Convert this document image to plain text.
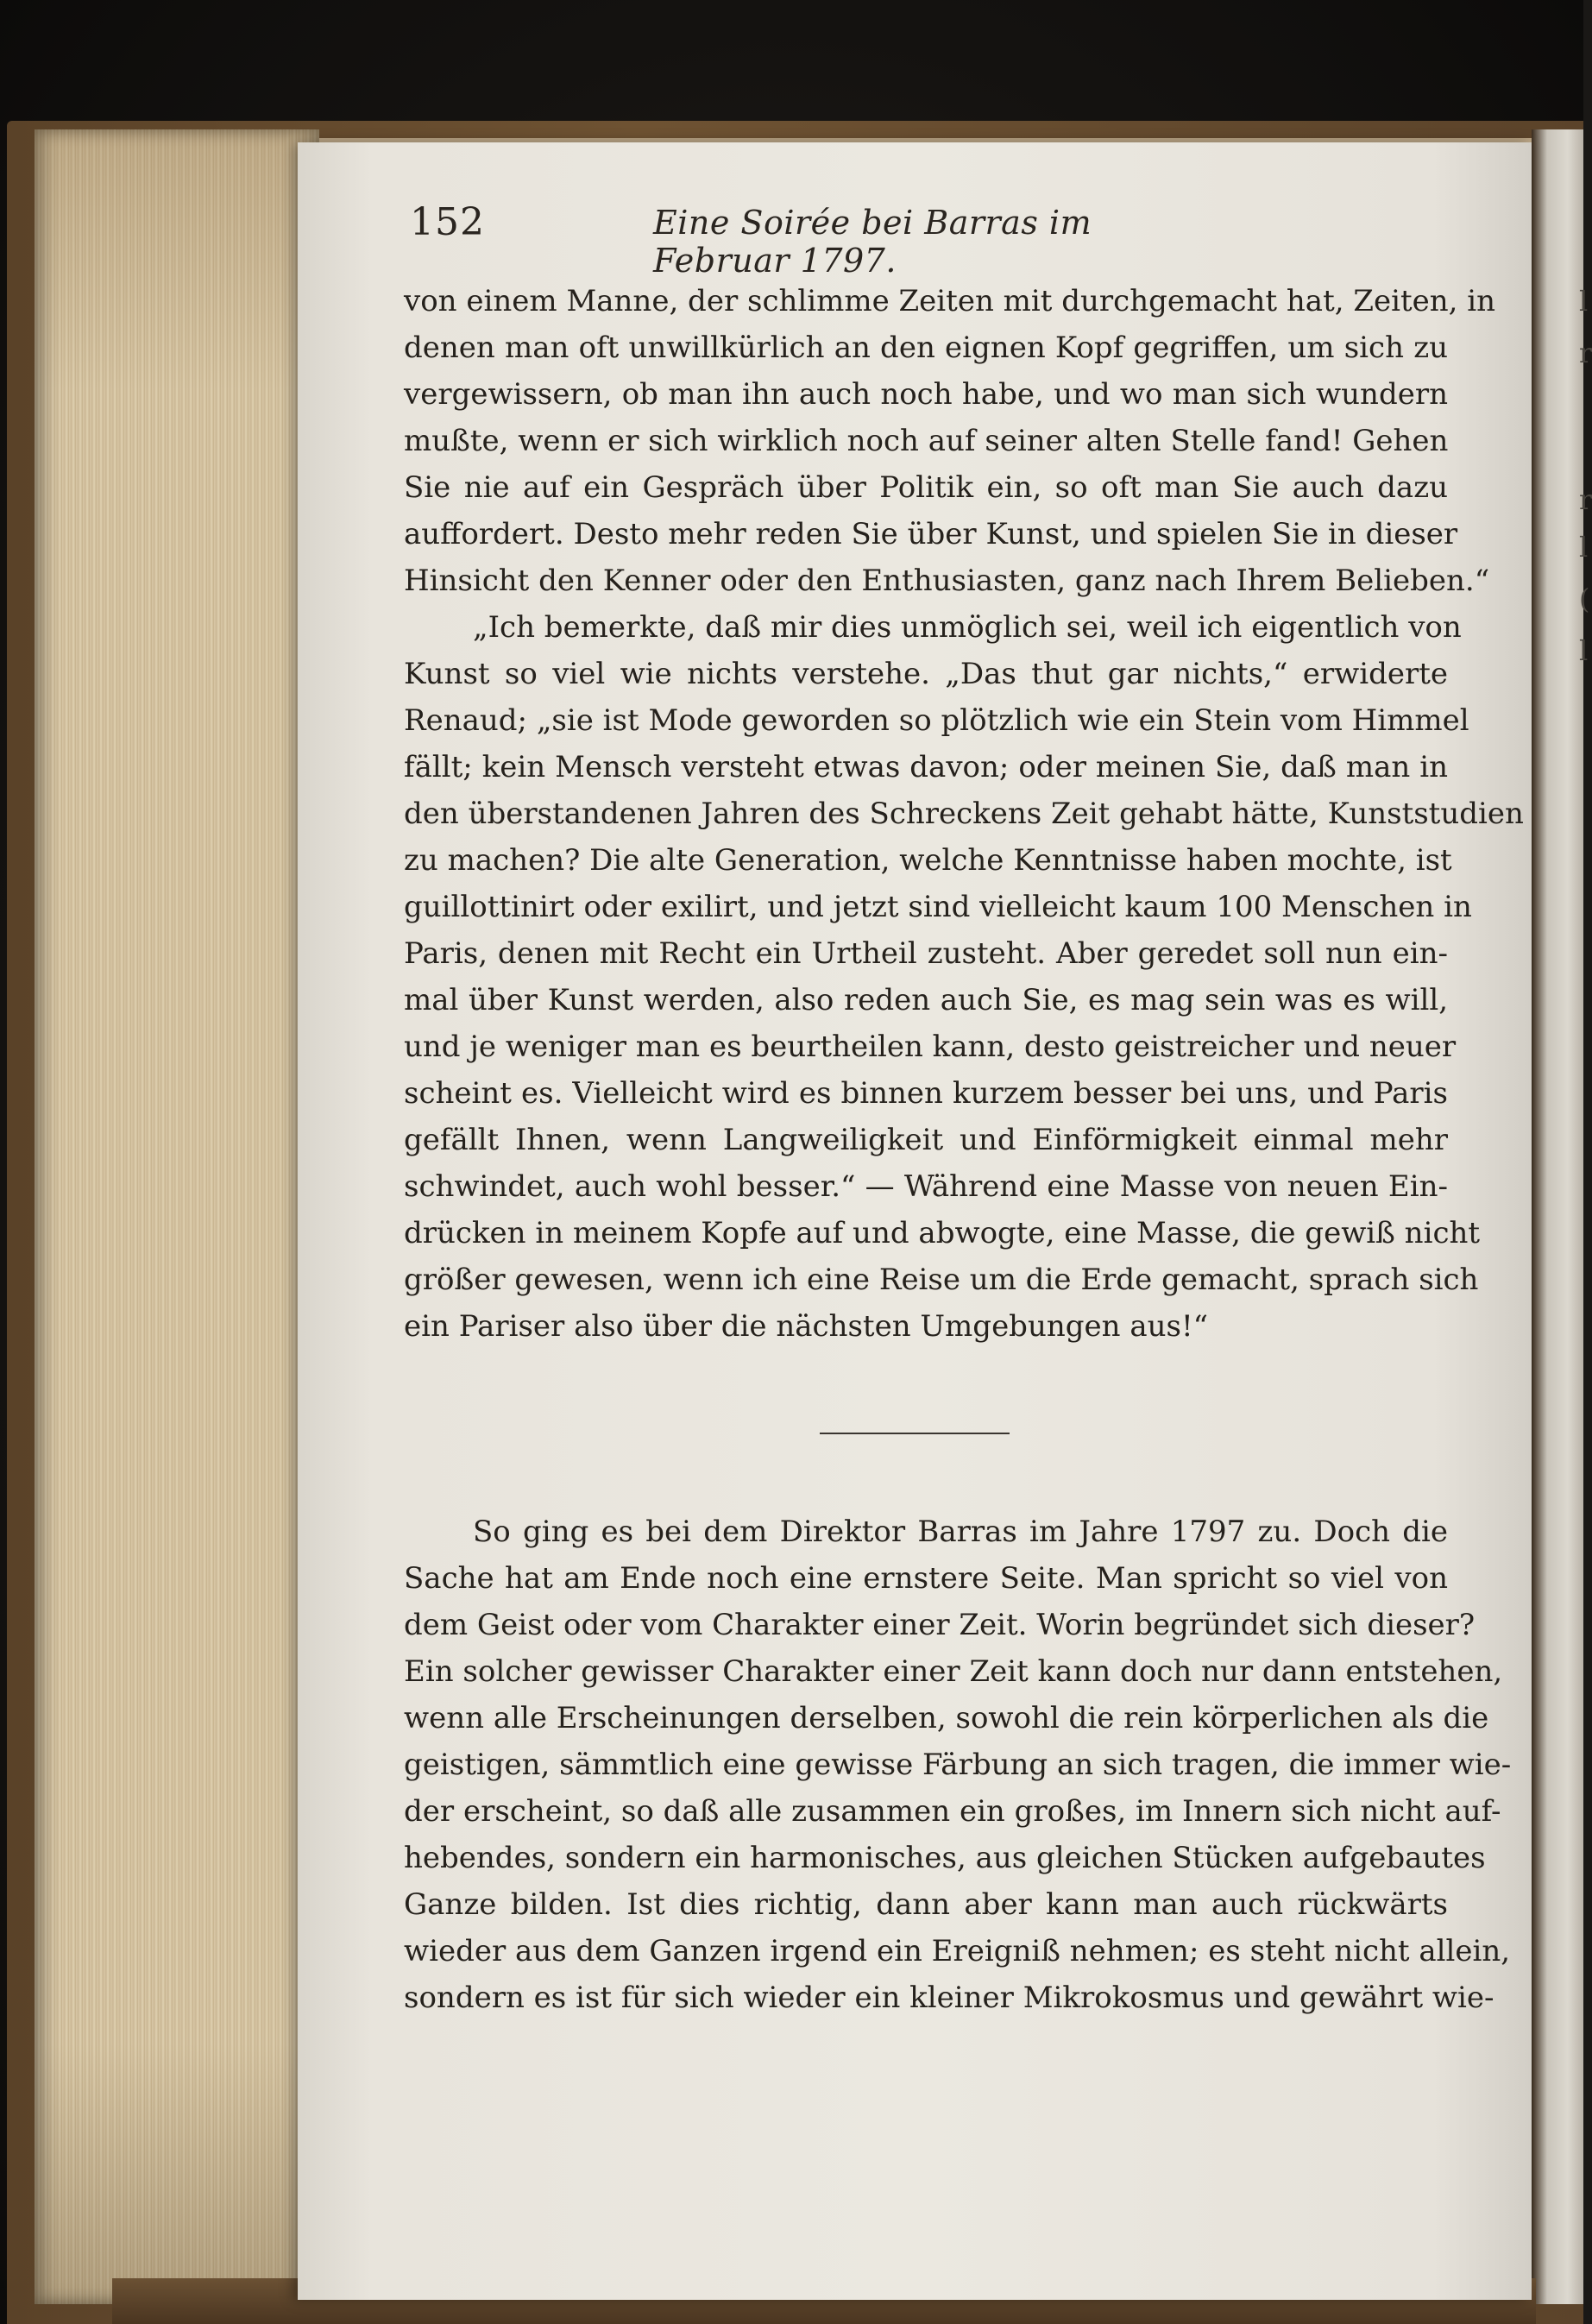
152	Eine Soirée bei Barras im Februar 1797.
von einem Manne, der schlimme Zeiten mit durchgemacht hat, Zeiten, in
denen man oft unwillkürlich an den eignen Kopf gegriffen, um sich zu
vergewissern, ob man ihn auch noch habe, und wo man sich wundern
mußte, wenn er sich wirklich noch auf seiner alten Stelle fand! Gehen
Sie nie auf ein Gespräch über Politik ein, so oft man Sie auch dazu
auffordert. Desto mehr reden Sie über Kunst, und spielen Sie in dieser
Hinsicht den Kenner oder den Enthusiasten, ganz nach Ihrem Belieben.“
„Ich bemerkte, daß mir dies unmöglich sei, weil ich eigentlich von
Kunst so viel wie nichts verstehe. „Das thut gar nichts,“ erwiderte
Renaud; „sie ist Mode geworden so plötzlich wie ein Stein vom Himmel
fällt; kein Mensch versteht etwas davon; oder meinen Sie, daß man in
den überstandenen Jahren des Schreckens Zeit gehabt hätte, Kunststudien
zu machen? Die alte Generation, welche Kenntnisse haben mochte, ist
guillottinirt oder exilirt, und jetzt sind vielleicht kaum 100 Menschen in
Paris, denen mit Recht ein Urtheil zusteht. Aber geredet soll nun ein-
mal über Kunst werden, also reden auch Sie, es mag sein was es will,
und je weniger man es beurtheilen kann, desto geistreicher und neuer
scheint es. Vielleicht wird es binnen kurzem besser bei uns, und Paris
gefällt Ihnen, wenn Langweiligkeit und Einförmigkeit einmal mehr
schwindet, auch wohl besser.“ — Während eine Masse von neuen Ein-
drücken in meinem Kopfe auf und abwogte, eine Masse, die gewiß nicht
größer gewesen, wenn ich eine Reise um die Erde gemacht, sprach sich
ein Pariser also über die nächsten Umgebungen aus!“
So ging es bei dem Direktor Barras im Jahre 1797 zu. Doch die
Sache hat am Ende noch eine ernstere Seite. Man spricht so viel von
dem Geist oder vom Charakter einer Zeit. Worin begründet sich dieser?
Ein solcher gewisser Charakter einer Zeit kann doch nur dann entstehen,
wenn alle Erscheinungen derselben, sowohl die rein körperlichen als die
geistigen, sämmtlich eine gewisse Färbung an sich tragen, die immer wie-
der erscheint, so daß alle zusammen ein großes, im Innern sich nicht auf-
hebendes, sondern ein harmonisches, aus gleichen Stücken aufgebautes
Ganze bilden. Ist dies richtig, dann aber kann man auch rückwärts
wieder aus dem Ganzen irgend ein Ereigniß nehmen; es steht nicht allein,
sondern es ist für sich wieder ein kleiner Mikrokosmus und gewährt wie-
l
r
r
l
(
l
